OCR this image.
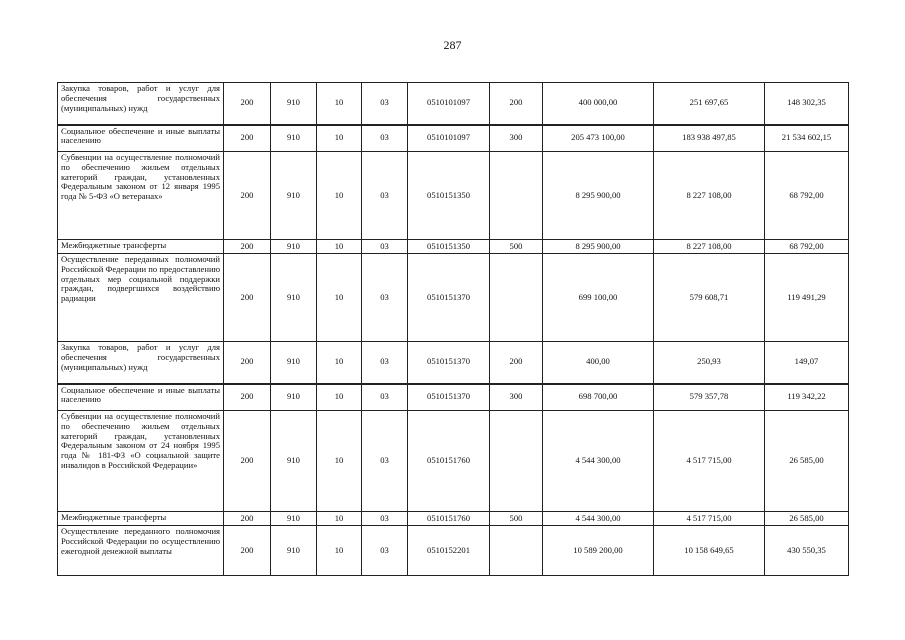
287
Закупка товаров, работ и услуг для обеспечения государственных (муниципальных) нужд	200	910	10	03	0510101097	200	400 000,00	251 697,65	148 302,35
Социальное обеспечение и иные выплаты населению	200	910	10	03	0510101097	300	205 473 100,00	183 938 497,85	21 534 602,15
Субвенции на осуществление полномочий по обеспечению жильем отдельных категорий граждан, установленных Федеральным законом от 12 января 1995 года № 5-ФЗ «О ветеранах»	200	910	10	03	0510151350		8 295 900,00	8 227 108,00	68 792,00
Межбюджетные трансферты	200	910	10	03	0510151350	500	8 295 900,00	8 227 108,00	68 792,00
Осуществление переданных полномочий Российской Федерации по предоставлению отдельных мер социальной поддержки граждан, подвергшихся воздействию радиации	200	910	10	03	0510151370		699 100,00	579 608,71	119 491,29
Закупка товаров, работ и услуг для обеспечения государственных (муниципальных) нужд	200	910	10	03	0510151370	200	400,00	250,93	149,07
Социальное обеспечение и иные выплаты населению	200	910	10	03	0510151370	300	698 700,00	579 357,78	119 342,22
Субвенции на осуществление полномочий по обеспечению жильем отдельных категорий граждан, установленных Федеральным законом от 24 ноября 1995 года № 181-ФЗ «О социальной защите инвалидов в Российской Федерации»	200	910	10	03	0510151760		4 544 300,00	4 517 715,00	26 585,00
Межбюджетные трансферты	200	910	10	03	0510151760	500	4 544 300,00	4 517 715,00	26 585,00
Осуществление переданного полномочия Российской Федерации по осуществлению ежегодной денежной выплаты	200	910	10	03	0510152201		10 589 200,00	10 158 649,65	430 550,35
